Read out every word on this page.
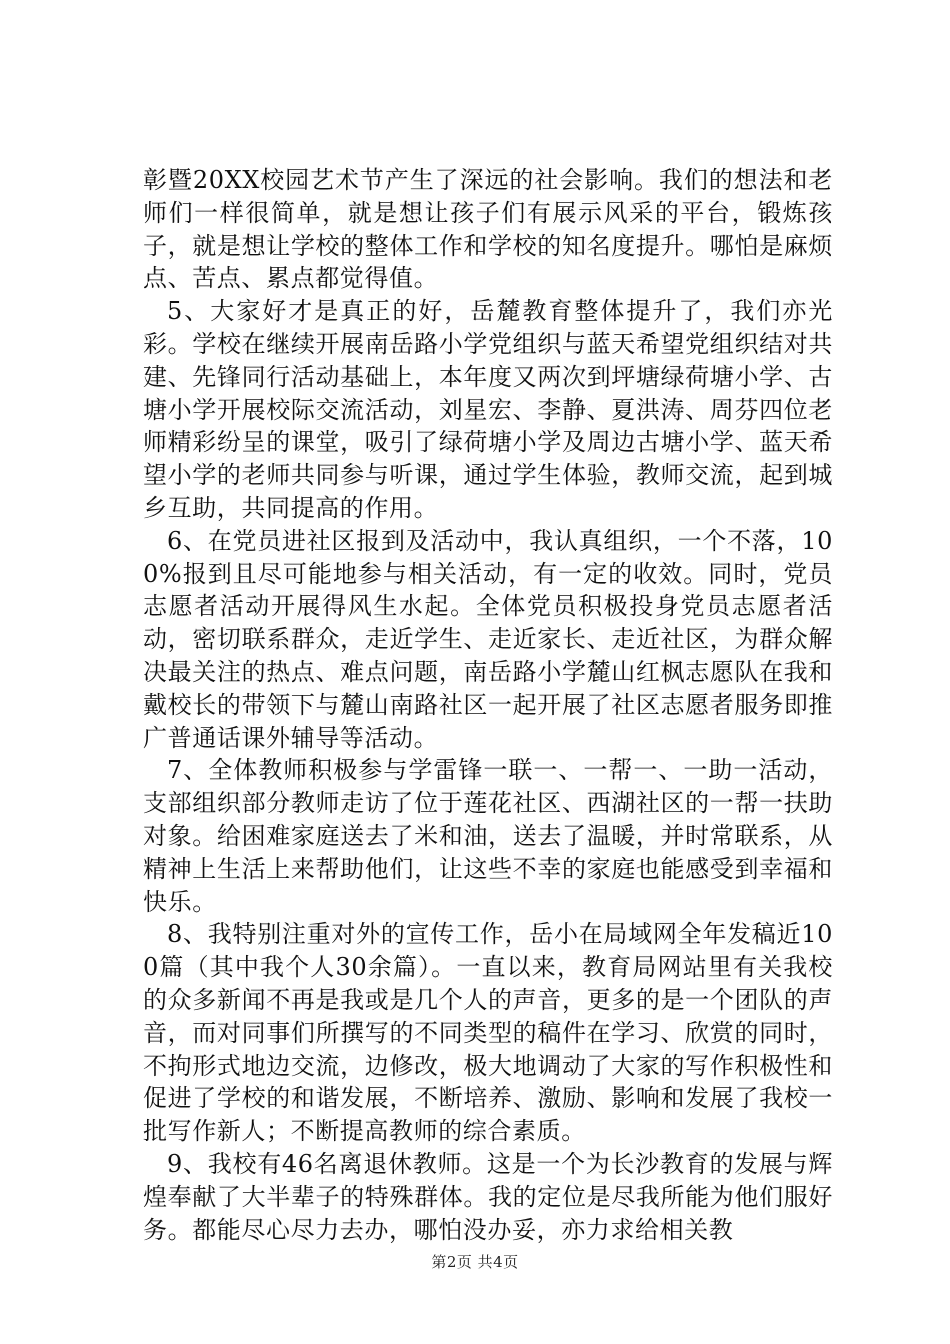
彰暨20XX校园艺术节产生了深远的社会影响。我们的想法和老师们一样很简单，就是想让孩子们有展示风采的平台，锻炼孩子，就是想让学校的整体工作和学校的知名度提升。哪怕是麻烦点、苦点、累点都觉得值。

5、大家好才是真正的好，岳麓教育整体提升了，我们亦光彩。学校在继续开展南岳路小学党组织与蓝天希望党组织结对共建、先锋同行活动基础上，本年度又两次到坪塘绿荷塘小学、古塘小学开展校际交流活动，刘星宏、李静、夏洪涛、周芬四位老师精彩纷呈的课堂，吸引了绿荷塘小学及周边古塘小学、蓝天希望小学的老师共同参与听课，通过学生体验，教师交流，起到城乡互助，共同提高的作用。

6、在党员进社区报到及活动中，我认真组织，一个不落，100%报到且尽可能地参与相关活动，有一定的收效。同时，党员志愿者活动开展得风生水起。全体党员积极投身党员志愿者活动，密切联系群众，走近学生、走近家长、走近社区，为群众解决最关注的热点、难点问题，南岳路小学麓山红枫志愿队在我和戴校长的带领下与麓山南路社区一起开展了社区志愿者服务即推广普通话课外辅导等活动。

7、全体教师积极参与学雷锋一联一、一帮一、一助一活动，支部组织部分教师走访了位于莲花社区、西湖社区的一帮一扶助对象。给困难家庭送去了米和油，送去了温暖，并时常联系，从精神上生活上来帮助他们，让这些不幸的家庭也能感受到幸福和快乐。

8、我特别注重对外的宣传工作，岳小在局域网全年发稿近100篇（其中我个人30余篇）。一直以来，教育局网站里有关我校的众多新闻不再是我或是几个人的声音，更多的是一个团队的声音，而对同事们所撰写的不同类型的稿件在学习、欣赏的同时，不拘形式地边交流，边修改，极大地调动了大家的写作积极性和促进了学校的和谐发展，不断培养、激励、影响和发展了我校一批写作新人；不断提高教师的综合素质。

9、我校有46名离退休教师。这是一个为长沙教育的发展与辉煌奉献了大半辈子的特殊群体。我的定位是尽我所能为他们服好务。都能尽心尽力去办，哪怕没办妥，亦力求给相关教

第2页 共4页
